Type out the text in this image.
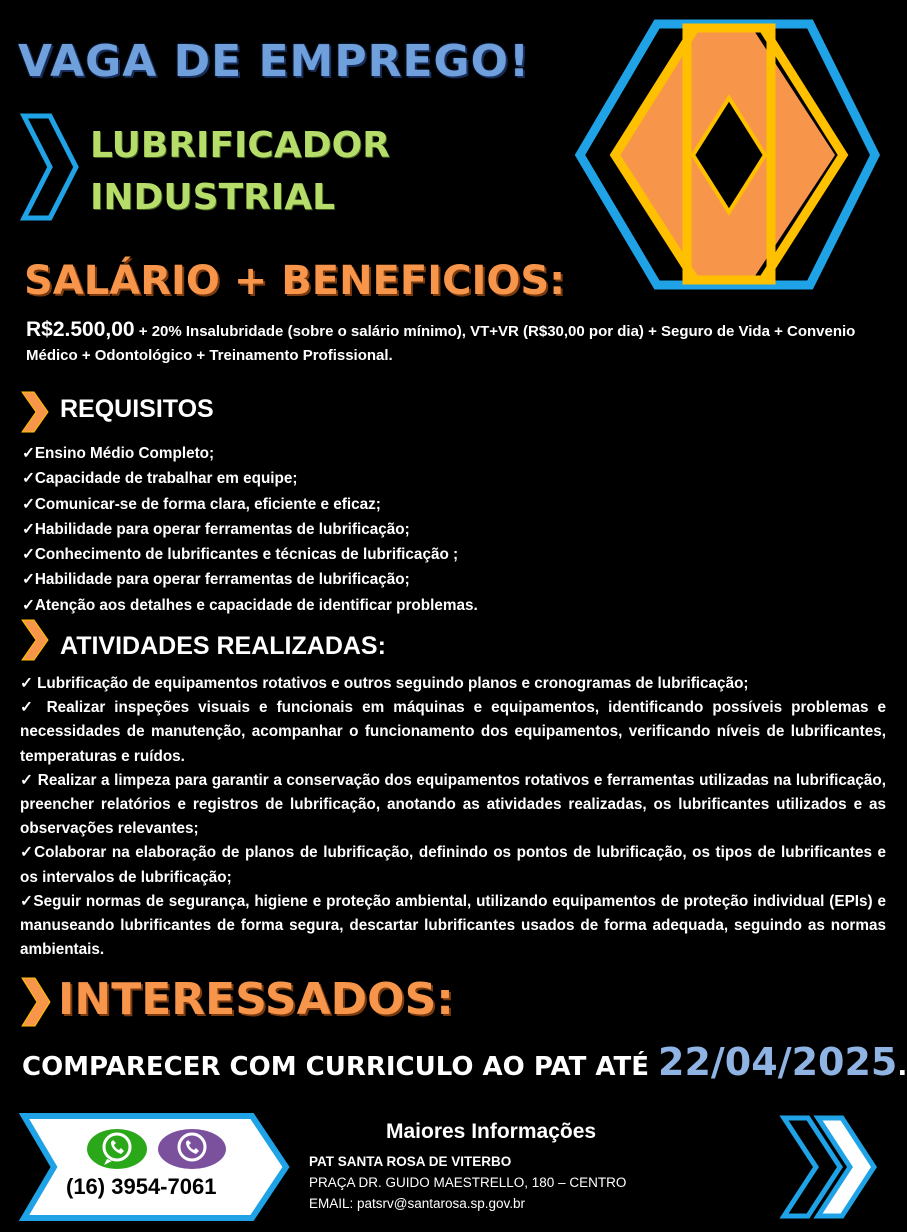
VAGA DE EMPREGO!
LUBRIFICADOR
INDUSTRIAL
SALÁRIO + BENEFICIOS:
R$2.500,00 + 20% Insalubridade (sobre o salário mínimo), VT+VR (R$30,00 por dia) + Seguro de Vida + Convenio Médico + Odontológico + Treinamento Profissional.
REQUISITOS
✓Ensino Médio Completo;
✓Capacidade de trabalhar em equipe;
✓Comunicar-se de forma clara, eficiente e eficaz;
✓Habilidade para operar ferramentas de lubrificação;
✓Conhecimento de lubrificantes e técnicas de lubrificação ;
✓Habilidade para operar ferramentas de lubrificação;
✓Atenção aos detalhes e capacidade de identificar problemas.
ATIVIDADES REALIZADAS:

✓ Lubrificação de equipamentos rotativos e outros seguindo planos e cronogramas de lubrificação;

✓ Realizar inspeções visuais e funcionais em máquinas e equipamentos, identificando possíveis problemas e necessidades de manutenção, acompanhar o funcionamento dos equipamentos, verificando níveis de lubrificantes, temperaturas e ruídos.

✓ Realizar a limpeza para garantir a conservação dos equipamentos rotativos e ferramentas utilizadas na lubrificação, preencher relatórios e registros de lubrificação, anotando as atividades realizadas, os lubrificantes utilizados e as observações relevantes;

✓Colaborar na elaboração de planos de lubrificação, definindo os pontos de lubrificação, os tipos de lubrificantes e os intervalos de lubrificação;

✓Seguir normas de segurança, higiene e proteção ambiental, utilizando equipamentos de proteção individual (EPIs) e manuseando lubrificantes de forma segura, descartar lubrificantes usados de forma adequada, seguindo as normas ambientais.

INTERESSADOS:
COMPARECER COM CURRICULO AO PAT ATÉ 22/04/2025.
(16) 3954-7061
Maiores Informações
PAT SANTA ROSA DE VITERBO
PRAÇA DR. GUIDO MAESTRELLO, 180 – CENTRO
EMAIL: patsrv@santarosa.sp.gov.br
